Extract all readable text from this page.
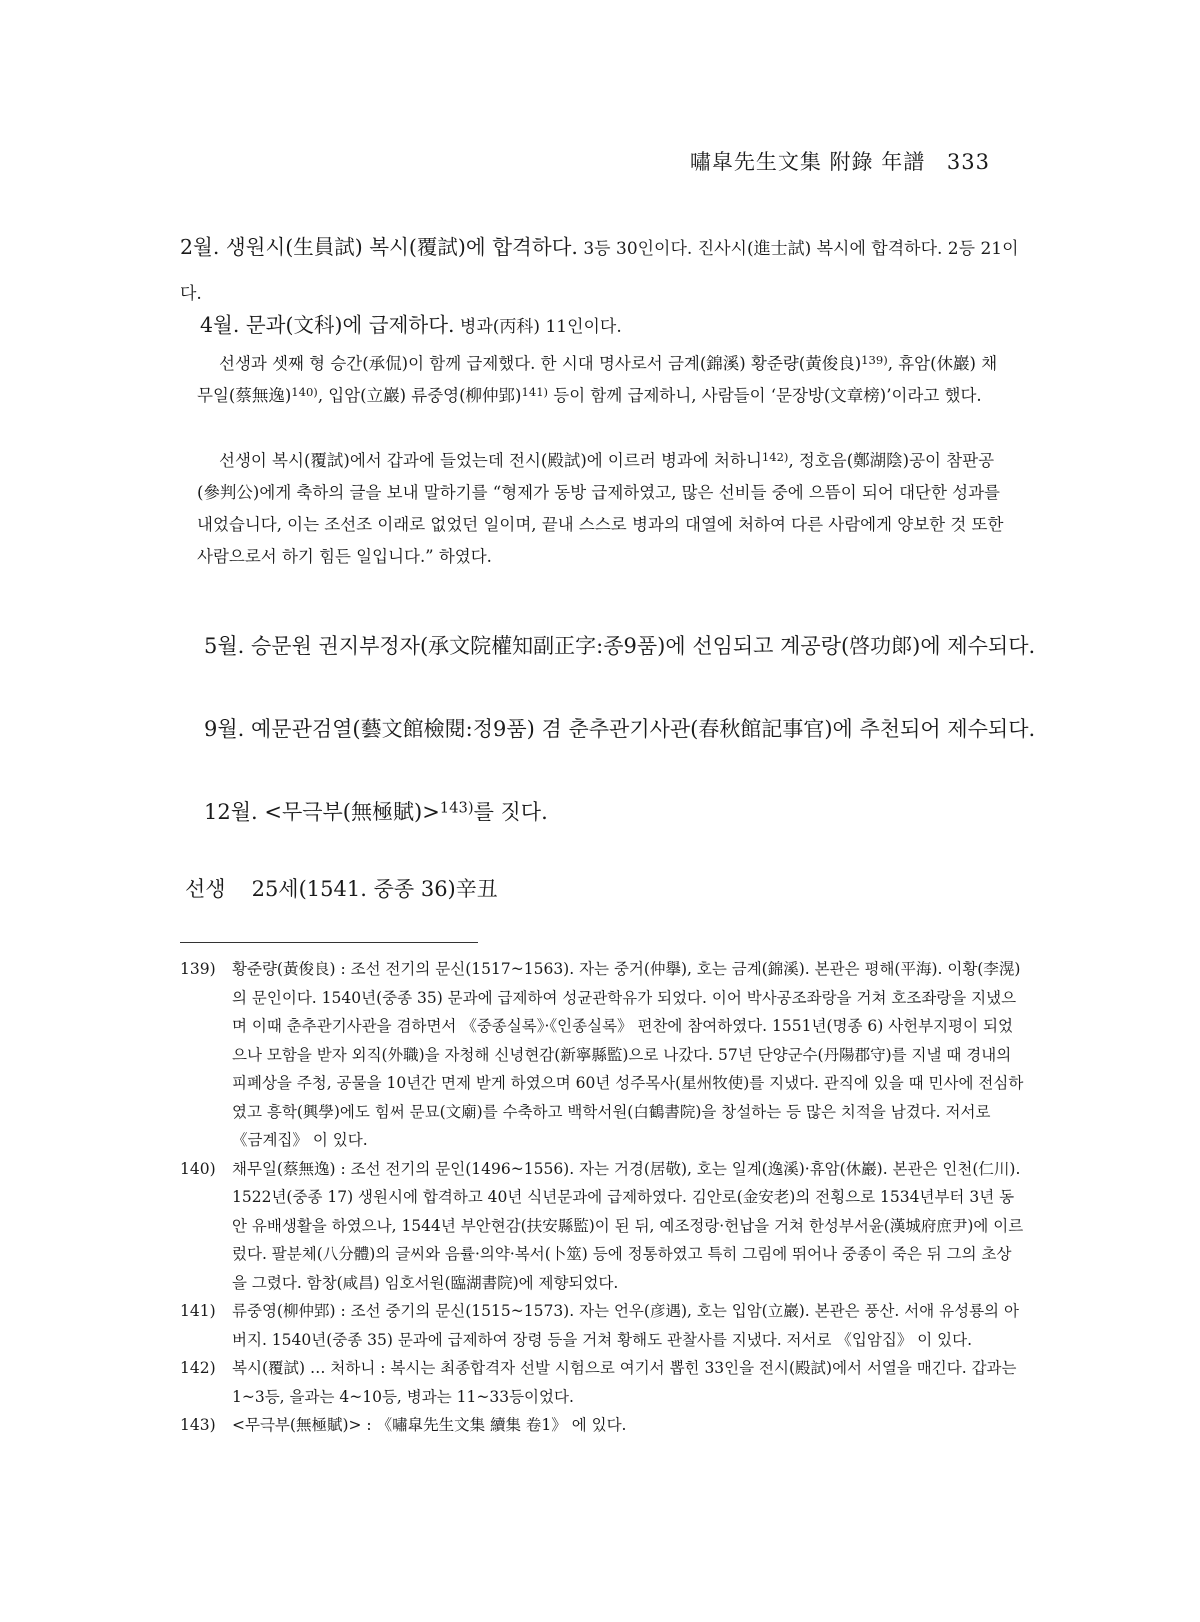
嘯皐先生文集 附錄 年譜 333
2월. 생원시(生員試) 복시(覆試)에 합격하다. 3등 30인이다. 진사시(進士試) 복시에 합격하다. 2등 21이다.
4월. 문과(文科)에 급제하다. 병과(丙科) 11인이다.
선생과 셋째 형 승간(承侃)이 함께 급제했다. 한 시대 명사로서 금계(錦溪) 황준량(黃俊良)$^{139)}$, 휴암(休巖) 채무일(蔡無逸)$^{140)}$, 입암(立巖) 류중영(柳仲郢)$^{141)}$ 등이 함께 급제하니, 사람들이 ‘문장방(文章榜)’이라고 했다.
선생이 복시(覆試)에서 갑과에 들었는데 전시(殿試)에 이르러 병과에 처하니$^{142)}$, 정호음(鄭湖陰)공이 참판공(參判公)에게 축하의 글을 보내 말하기를 “형제가 동방 급제하였고, 많은 선비들 중에 으뜸이 되어 대단한 성과를 내었습니다, 이는 조선조 이래로 없었던 일이며, 끝내 스스로 병과의 대열에 처하여 다른 사람에게 양보한 것 또한 사람으로서 하기 힘든 일입니다.” 하였다.
5월. 승문원 권지부정자(承文院權知副正字:종9품)에 선임되고 계공랑(啓功郞)에 제수되다.
9월. 예문관검열(藝文館檢閱:정9품) 겸 춘추관기사관(春秋館記事官)에 추천되어 제수되다.
12월. <무극부(無極賦)>$^{143)}$를 짓다.
선생 25세(1541. 중종 36)辛丑
139)	황준량(黃俊良) : 조선 전기의 문신(1517~1563). 자는 중거(仲擧), 호는 금계(錦溪). 본관은 평해(平海). 이황(李滉)의 문인이다. 1540년(중종 35) 문과에 급제하여 성균관학유가 되었다. 이어 박사공조좌랑을 거쳐 호조좌랑을 지냈으며 이때 춘추관기사관을 겸하면서 《중종실록》·《인종실록》 편찬에 참여하였다. 1551년(명종 6) 사헌부지평이 되었으나 모함을 받자 외직(外職)을 자청해 신녕현감(新寧縣監)으로 나갔다. 57년 단양군수(丹陽郡守)를 지낼 때 경내의 피폐상을 주청, 공물을 10년간 면제 받게 하였으며 60년 성주목사(星州牧使)를 지냈다. 관직에 있을 때 민사에 전심하였고 흥학(興學)에도 힘써 문묘(文廟)를 수축하고 백학서원(白鶴書院)을 창설하는 등 많은 치적을 남겼다. 저서로 《금계집》 이 있다.
140)	채무일(蔡無逸) : 조선 전기의 문인(1496~1556). 자는 거경(居敬), 호는 일계(逸溪)·휴암(休巖). 본관은 인천(仁川). 1522년(중종 17) 생원시에 합격하고 40년 식년문과에 급제하였다. 김안로(金安老)의 전횡으로 1534년부터 3년 동안 유배생활을 하였으나, 1544년 부안현감(扶安縣監)이 된 뒤, 예조정랑·헌납을 거쳐 한성부서윤(漢城府庶尹)에 이르렀다. 팔분체(八分體)의 글씨와 음률·의약·복서(卜筮) 등에 정통하였고 특히 그림에 뛰어나 중종이 죽은 뒤 그의 초상을 그렸다. 함창(咸昌) 임호서원(臨湖書院)에 제향되었다.
141)	류중영(柳仲郢) : 조선 중기의 문신(1515~1573). 자는 언우(彦遇), 호는 입암(立巖). 본관은 풍산. 서애 유성룡의 아버지. 1540년(중종 35) 문과에 급제하여 장령 등을 거쳐 황해도 관찰사를 지냈다. 저서로 《입암집》 이 있다.
142)	복시(覆試) … 처하니 : 복시는 최종합격자 선발 시험으로 여기서 뽑힌 33인을 전시(殿試)에서 서열을 매긴다. 갑과는 1~3등, 을과는 4~10등, 병과는 11~33등이었다.
143)	<무극부(無極賦)> : 《嘯皐先生文集 續集 卷1》 에 있다.
